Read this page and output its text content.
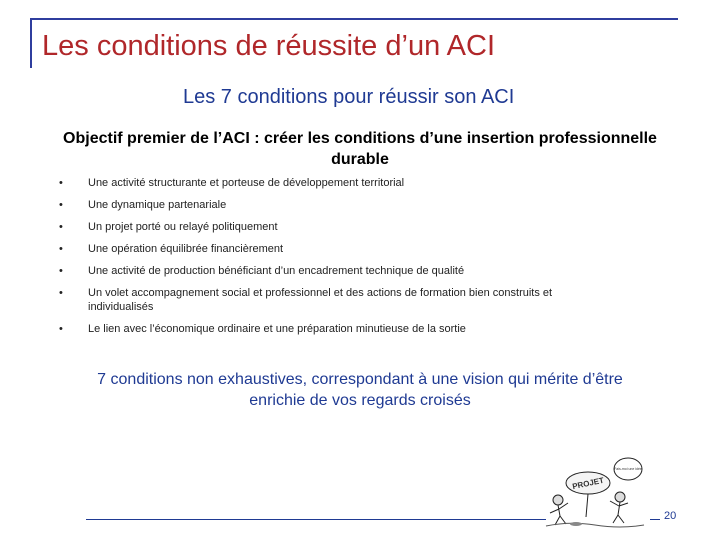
Les conditions de réussite d’un ACI
Les 7 conditions pour réussir son ACI
Objectif premier de l’ACI : créer les conditions d’une insertion professionnelle durable
• Une activité structurante et porteuse de développement territorial
• Une dynamique partenariale
• Un projet porté ou relayé politiquement
• Une opération équilibrée financièrement
• Une activité de production bénéficiant d’un encadrement technique de qualité
• Un volet accompagnement social et professionnel et des actions de formation bien construits et individualisés
• Le lien avec l’économique ordinaire et une préparation minutieuse de la sortie
7 conditions non exhaustives, correspondant à une vision qui mérite d’être enrichie de vos regards croisés
PROJET
Fais-moi une idée
20
